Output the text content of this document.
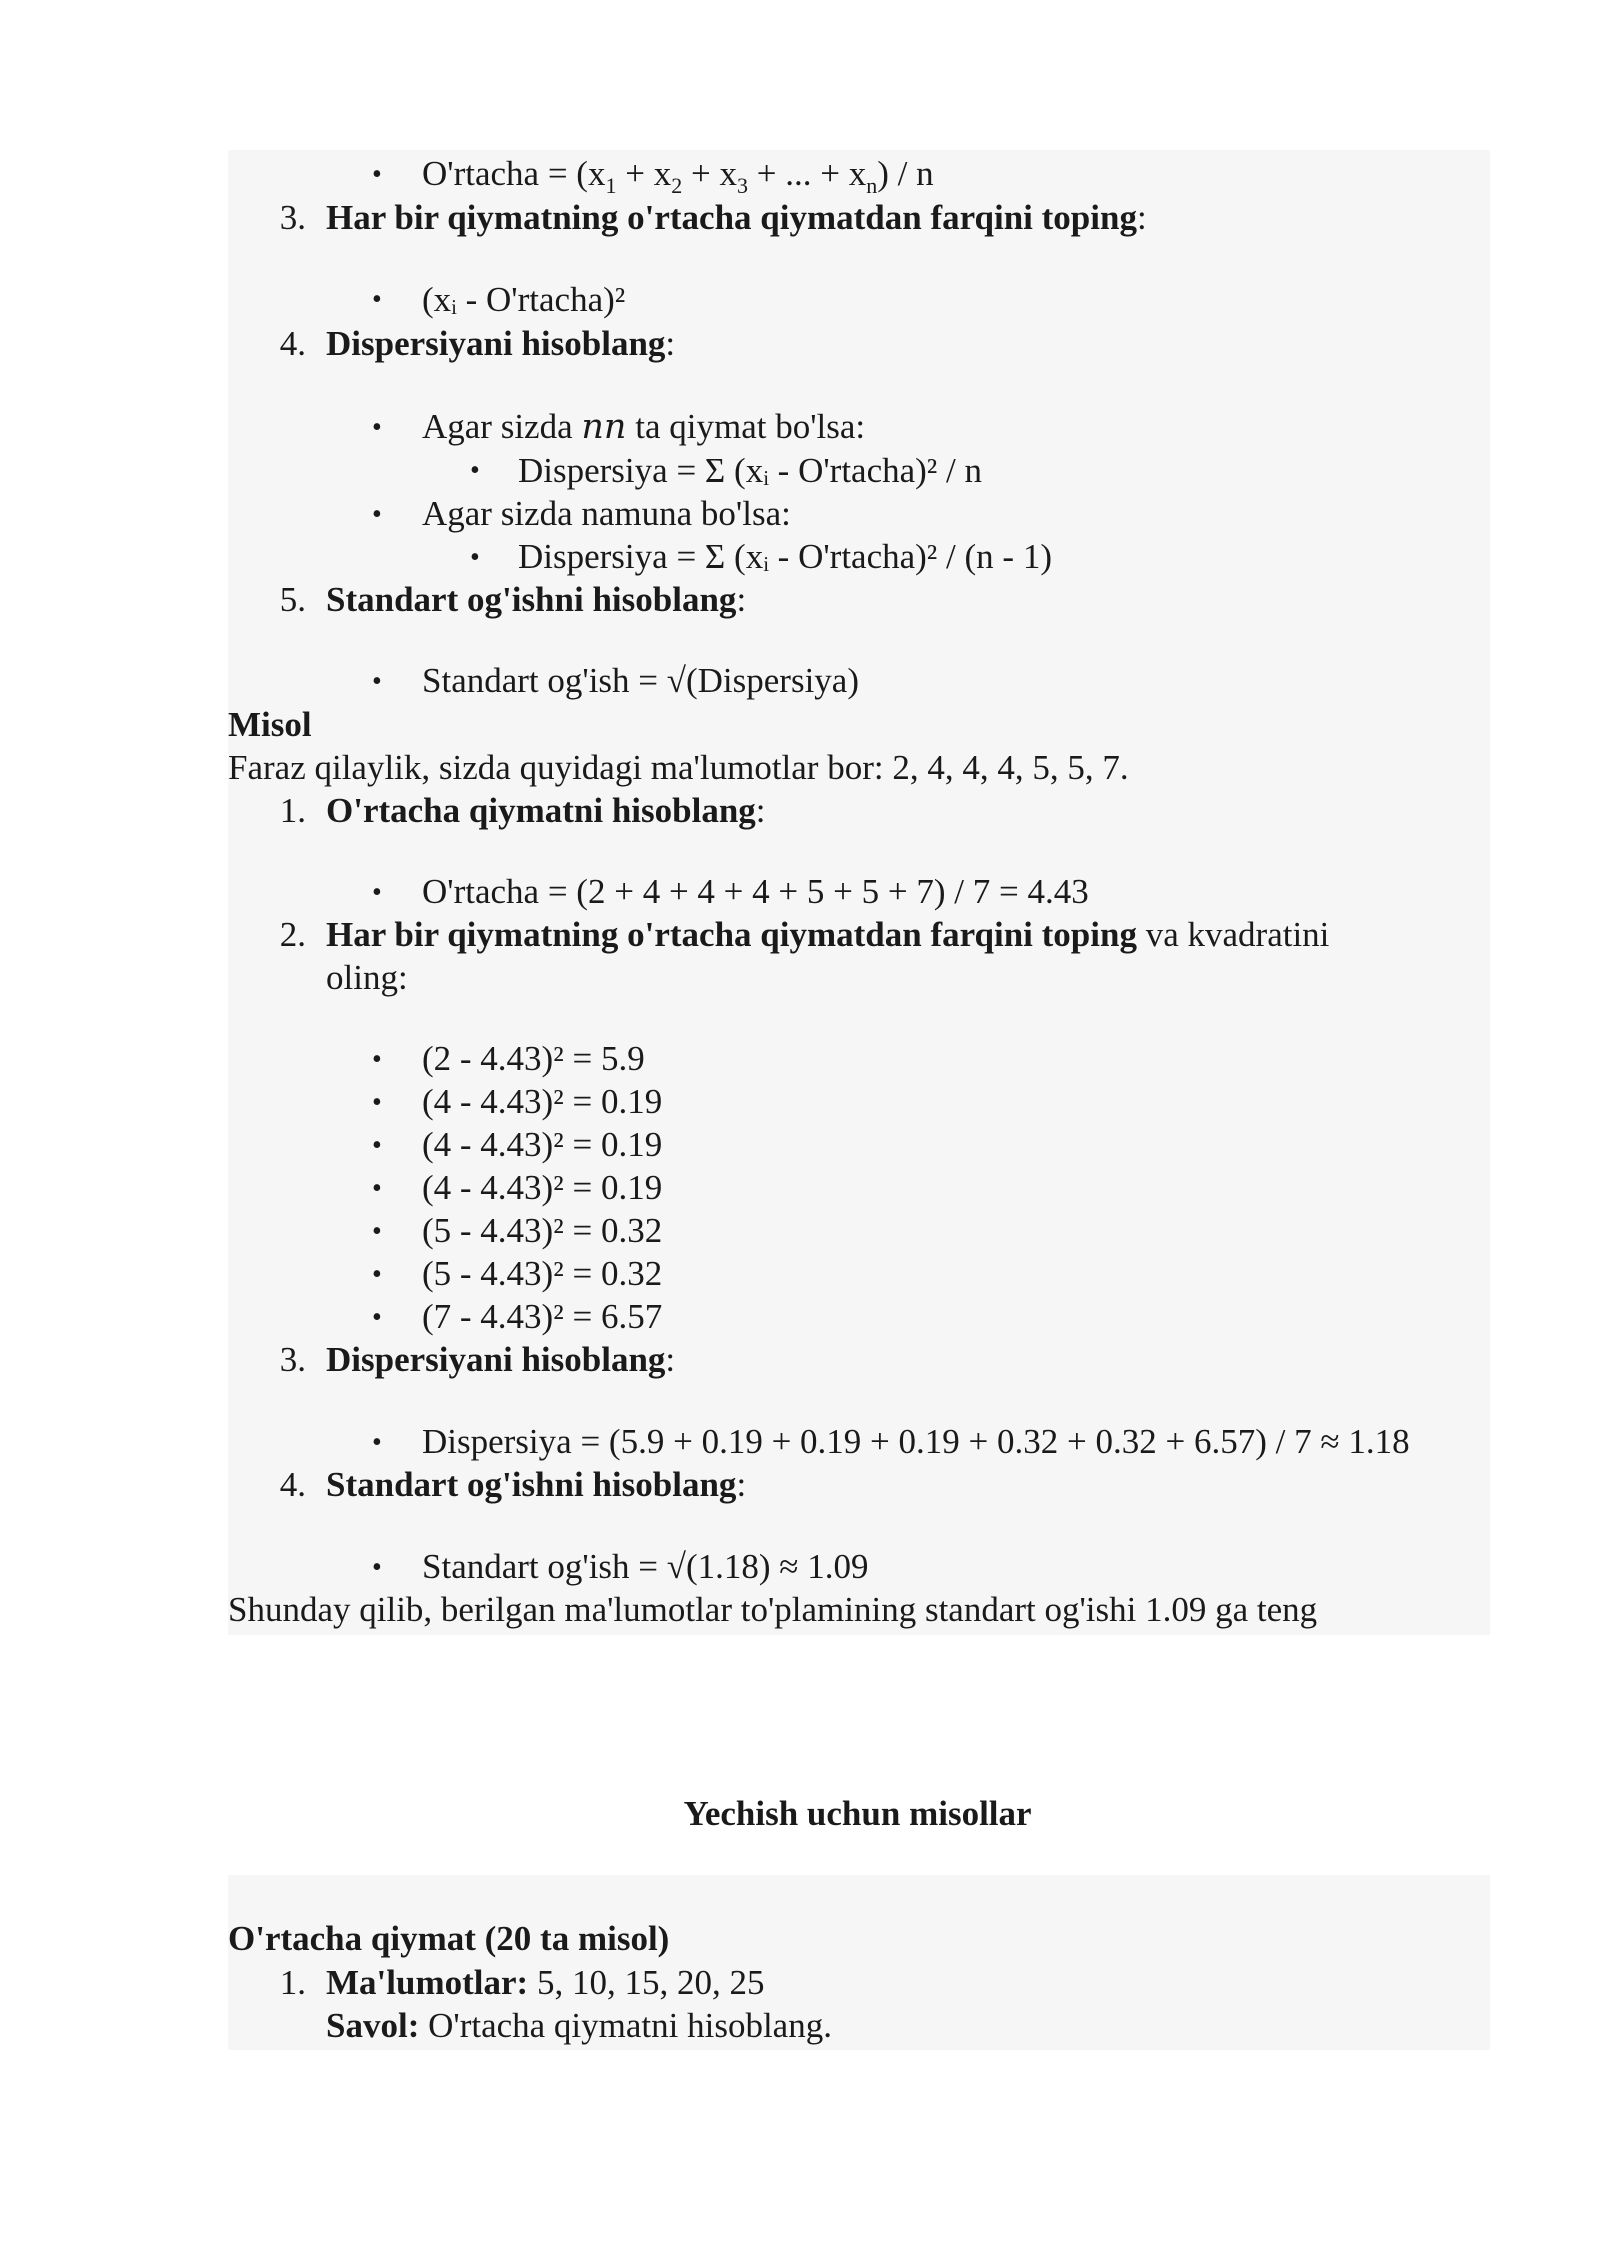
• O'rtacha = ($x_1 + x_2 + x_3$ + ... + $x_n$) / n
3. Har bir qiymatning o'rtacha qiymatdan farqini toping:
• (xᵢ - O'rtacha)²
4. Dispersiyani hisoblang:
• Agar sizda nn ta qiymat bo'lsa:
• Dispersiya = Σ (xᵢ - O'rtacha)² / n
• Agar sizda namuna bo'lsa:
• Dispersiya = Σ (xᵢ - O'rtacha)² / (n - 1)
5. Standart og'ishni hisoblang:
• Standart og'ish = √(Dispersiya)
Misol
Faraz qilaylik, sizda quyidagi ma'lumotlar bor: 2, 4, 4, 4, 5, 5, 7.
1. O'rtacha qiymatni hisoblang:
• O'rtacha = (2 + 4 + 4 + 4 + 5 + 5 + 7) / 7 = 4.43
2. Har bir qiymatning o'rtacha qiymatdan farqini toping va kvadratini
oling:
• (2 - 4.43)² = 5.9
• (4 - 4.43)² = 0.19
• (4 - 4.43)² = 0.19
• (4 - 4.43)² = 0.19
• (5 - 4.43)² = 0.32
• (5 - 4.43)² = 0.32
• (7 - 4.43)² = 6.57
3. Dispersiyani hisoblang:
• Dispersiya = (5.9 + 0.19 + 0.19 + 0.19 + 0.32 + 0.32 + 6.57) / 7 ≈ 1.18
4. Standart og'ishni hisoblang:
• Standart og'ish = √(1.18) ≈ 1.09
Shunday qilib, berilgan ma'lumotlar to'plamining standart og'ishi 1.09 ga teng
Yechish uchun misollar
O'rtacha qiymat (20 ta misol)
1. Ma'lumotlar: 5, 10, 15, 20, 25
Savol: O'rtacha qiymatni hisoblang.
